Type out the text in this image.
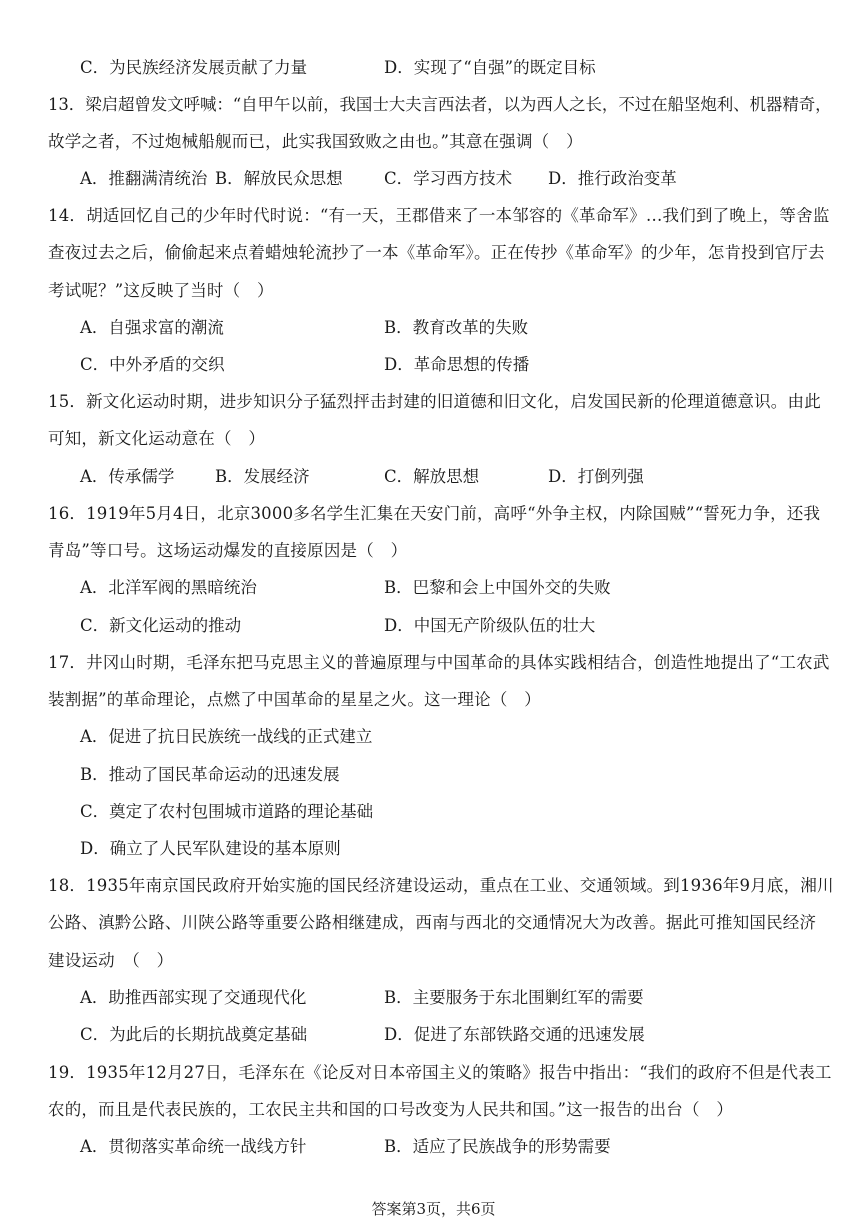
C．为民族经济发展贡献了力量	D．实现了“自强”的既定目标
13．梁启超曾发文呼喊：“自甲午以前，我国士大夫言西法者，以为西人之长，不过在船坚炮利、机器精奇，
故学之者，不过炮械船舰而已，此实我国致败之由也。”其意在强调（　）
A．推翻满清统治 B．解放民众思想	C．学习西方技术 D．推行政治变革
14．胡适回忆自己的少年时代时说：“有一天，王郡借来了一本邹容的《革命军》…我们到了晚上，等舍监
查夜过去之后，偷偷起来点着蜡烛轮流抄了一本《革命军》。正在传抄《革命军》的少年，怎肯投到官厅去
考试呢？”这反映了当时（　）
A．自强求富的潮流	B．教育改革的失败
C．中外矛盾的交织	D．革命思想的传播
15．新文化运动时期，进步知识分子猛烈抨击封建的旧道德和旧文化，启发国民新的伦理道德意识。由此
可知，新文化运动意在（　）
A．传承儒学 B．发展经济	C．解放思想	D．打倒列强
16．1919年5月4日，北京3000多名学生汇集在天安门前，高呼“外争主权，内除国贼”“誓死力争，还我
青岛”等口号。这场运动爆发的直接原因是（　）
A．北洋军阀的黑暗统治	B．巴黎和会上中国外交的失败
C．新文化运动的推动	D．中国无产阶级队伍的壮大
17．井冈山时期，毛泽东把马克思主义的普遍原理与中国革命的具体实践相结合，创造性地提出了“工农武
装割据”的革命理论，点燃了中国革命的星星之火。这一理论（　）
A．促进了抗日民族统一战线的正式建立
B．推动了国民革命运动的迅速发展
C．奠定了农村包围城市道路的理论基础
D．确立了人民军队建设的基本原则
18．1935年南京国民政府开始实施的国民经济建设运动，重点在工业、交通领域。到1936年9月底，湘川
公路、滇黔公路、川陕公路等重要公路相继建成，西南与西北的交通情况大为改善。据此可推知国民经济
建设运动　（　）
A．助推西部实现了交通现代化	B．主要服务于东北围剿红军的需要
C．为此后的长期抗战奠定基础	D．促进了东部铁路交通的迅速发展
19．1935年12月27日，毛泽东在《论反对日本帝国主义的策略》报告中指出：“我们的政府不但是代表工
农的，而且是代表民族的，工农民主共和国的口号改变为人民共和国。”这一报告的出台（　）
A．贯彻落实革命统一战线方针	B．适应了民族战争的形势需要
答案第3页，共6页
